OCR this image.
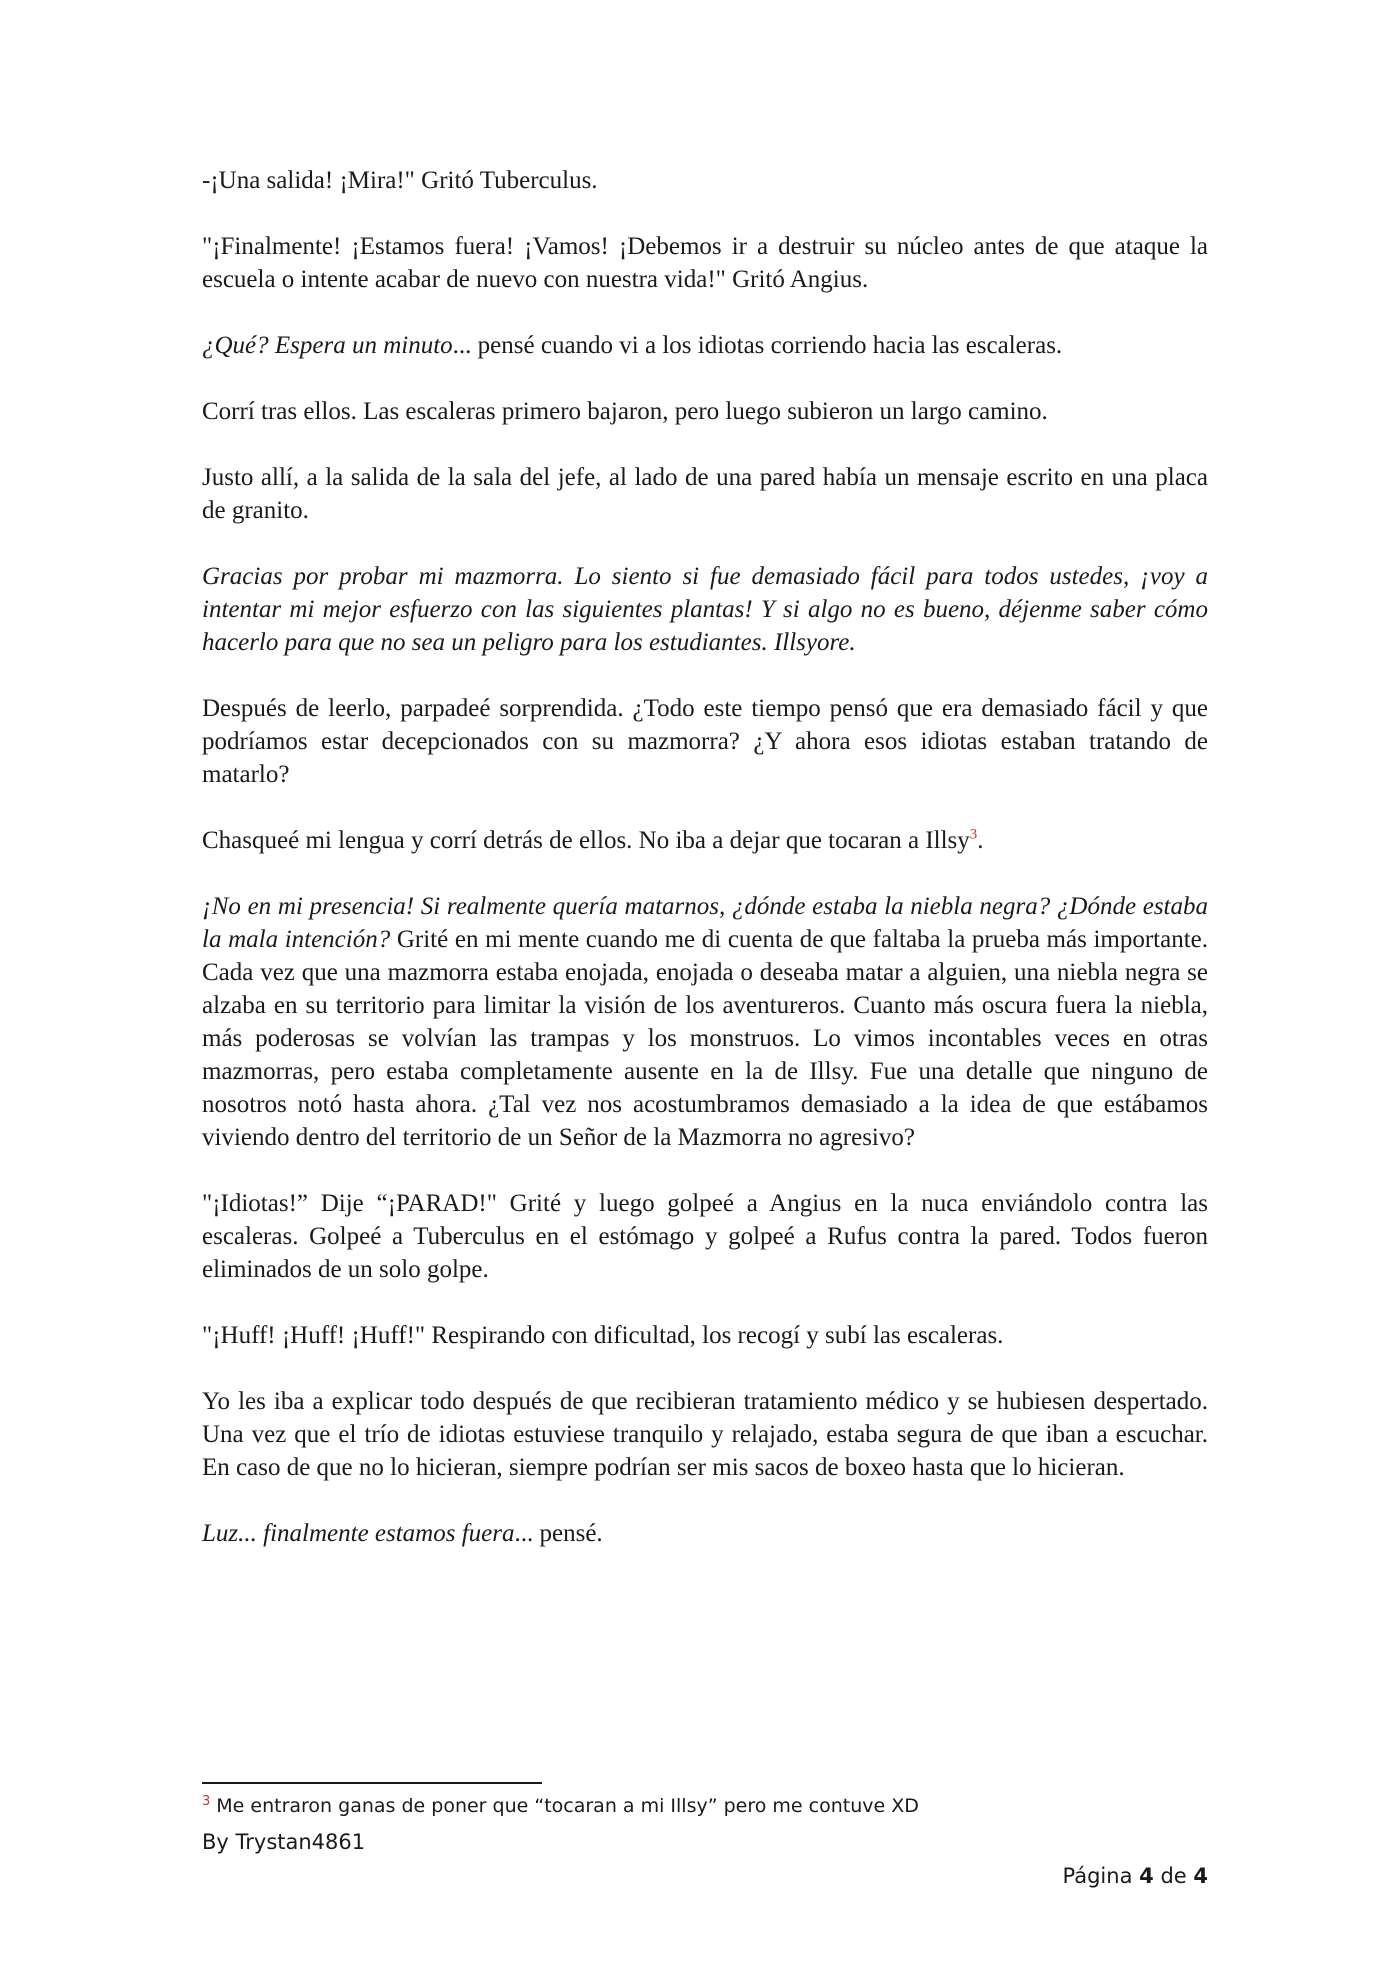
-¡Una salida! ¡Mira!" Gritó Tuberculus.

"¡Finalmente! ¡Estamos fuera! ¡Vamos! ¡Debemos ir a destruir su núcleo antes de que ataque la escuela o intente acabar de nuevo con nuestra vida!" Gritó Angius.

¿Qué? Espera un minuto... pensé cuando vi a los idiotas corriendo hacia las escaleras.

Corrí tras ellos. Las escaleras primero bajaron, pero luego subieron un largo camino.

Justo allí, a la salida de la sala del jefe, al lado de una pared había un mensaje escrito en una placa de granito.

Gracias por probar mi mazmorra. Lo siento si fue demasiado fácil para todos ustedes, ¡voy a intentar mi mejor esfuerzo con las siguientes plantas! Y si algo no es bueno, déjenme saber cómo hacerlo para que no sea un peligro para los estudiantes. Illsyore.

Después de leerlo, parpadeé sorprendida. ¿Todo este tiempo pensó que era demasiado fácil y que podríamos estar decepcionados con su mazmorra? ¿Y ahora esos idiotas estaban tratando de matarlo?

Chasqueé mi lengua y corrí detrás de ellos. No iba a dejar que tocaran a Illsy$^3$.

¡No en mi presencia! Si realmente quería matarnos, ¿dónde estaba la niebla negra? ¿Dónde estaba la mala intención? Grité en mi mente cuando me di cuenta de que faltaba la prueba más importante. Cada vez que una mazmorra estaba enojada, enojada o deseaba matar a alguien, una niebla negra se alzaba en su territorio para limitar la visión de los aventureros. Cuanto más oscura fuera la niebla, más poderosas se volvían las trampas y los monstruos. Lo vimos incontables veces en otras mazmorras, pero estaba completamente ausente en la de Illsy. Fue una detalle que ninguno de nosotros notó hasta ahora. ¿Tal vez nos acostumbramos demasiado a la idea de que estábamos viviendo dentro del territorio de un Señor de la Mazmorra no agresivo?

"¡Idiotas!” Dije “¡PARAD!" Grité y luego golpeé a Angius en la nuca enviándolo contra las escaleras. Golpeé a Tuberculus en el estómago y golpeé a Rufus contra la pared. Todos fueron eliminados de un solo golpe.

"¡Huff! ¡Huff! ¡Huff!" Respirando con dificultad, los recogí y subí las escaleras.

Yo les iba a explicar todo después de que recibieran tratamiento médico y se hubiesen despertado. Una vez que el trío de idiotas estuviese tranquilo y relajado, estaba segura de que iban a escuchar. En caso de que no lo hicieran, siempre podrían ser mis sacos de boxeo hasta que lo hicieran.

Luz... finalmente estamos fuera... pensé.

$^3$ Me entraron ganas de poner que “tocaran a mi Illsy” pero me contuve XD
By Trystan4861
Página 4 de 4
